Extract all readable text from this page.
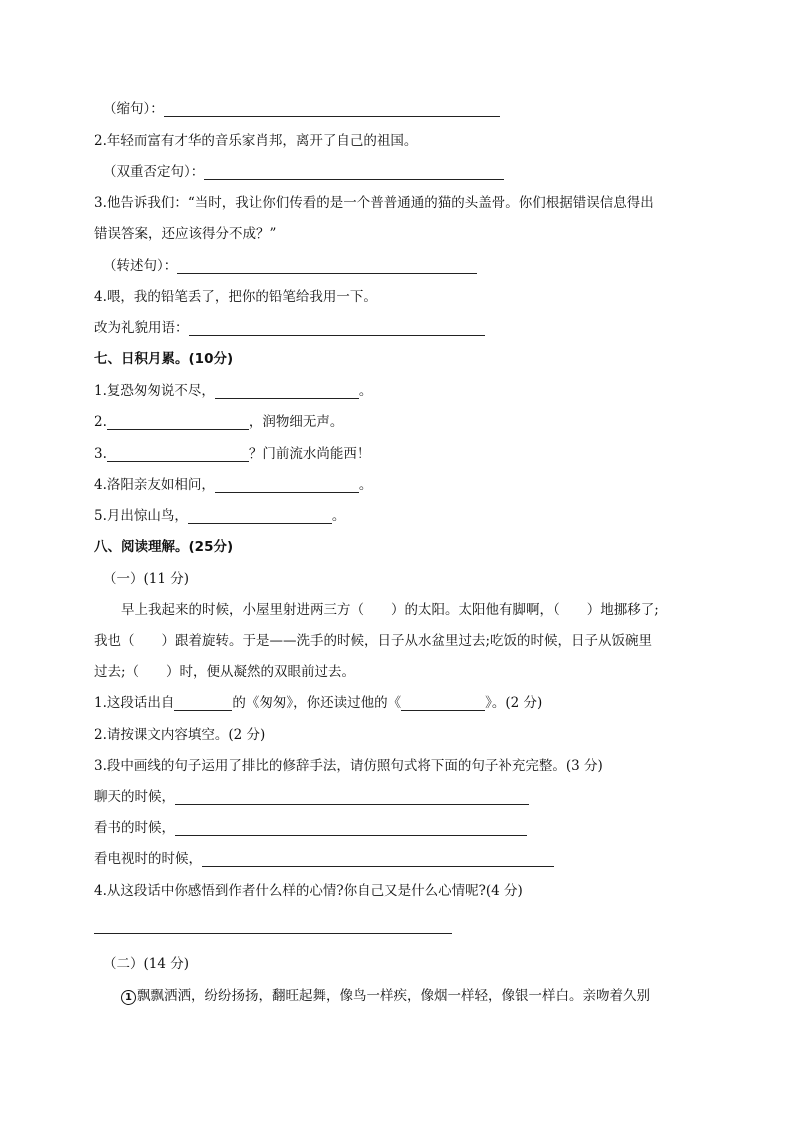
（缩句）：
2.年轻而富有才华的音乐家肖邦，离开了自己的祖国。
（双重否定句）：
3.他告诉我们：“当时，我让你们传看的是一个普普通通的猫的头盖骨。你们根据错误信息得出
错误答案，还应该得分不成？”
（转述句）：
4.喂，我的铅笔丢了，把你的铅笔给我用一下。
改为礼貌用语：
七、日积月累。(10分)
1.复恐匆匆说不尽，	。
2.	，润物细无声。
3.	？门前流水尚能西！
4.洛阳亲友如相问，	。
5.月出惊山鸟，	。
八、阅读理解。(25分)
（一）(11 分)
早上我起来的时候，小屋里射进两三方（　　）的太阳。太阳他有脚啊，（　　）地挪移了;
我也（　　）跟着旋转。于是——洗手的时候，日子从水盆里过去;吃饭的时候，日子从饭碗里
过去;（　　）时，便从凝然的双眼前过去。
1.这段话出自	的《匆匆》，你还读过他的《	》。(2 分)
2.请按课文内容填空。(2 分)
3.段中画线的句子运用了排比的修辞手法，请仿照句式将下面的句子补充完整。(3 分)
聊天的时候，
看书的时候，
看电视时的时候，
4.从这段话中你感悟到作者什么样的心情?你自己又是什么心情呢?(4 分)
（二）(14 分)
1 飘飘洒洒，纷纷扬扬，翻旺起舞，像鸟一样疾，像烟一样轻，像银一样白。亲吻着久别
